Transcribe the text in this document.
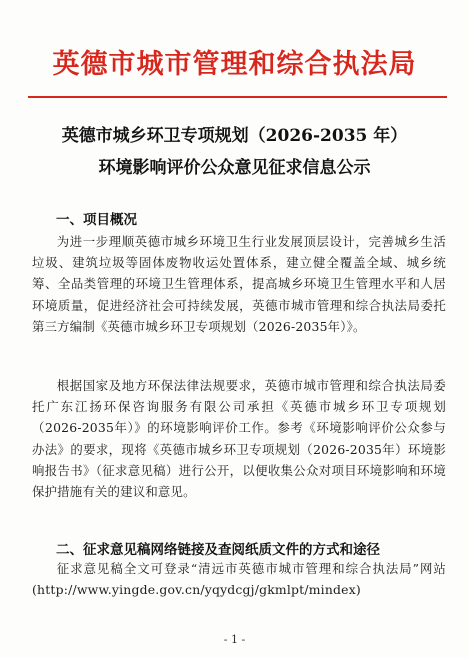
英德市城市管理和综合执法局
英德市城乡环卫专项规划（2026-2035 年）
环境影响评价公众意见征求信息公示
一、项目概况
为进一步理顺英德市城乡环境卫生行业发展顶层设计，完善城乡生活垃圾、建筑垃圾等固体废物收运处置体系，建立健全覆盖全域、城乡统筹、全品类管理的环境卫生管理体系，提高城乡环境卫生管理水平和人居环境质量，促进经济社会可持续发展，英德市城市管理和综合执法局委托第三方编制《英德市城乡环卫专项规划（2026-2035年）》。
根据国家及地方环保法律法规要求，英德市城市管理和综合执法局委托广东江扬环保咨询服务有限公司承担《英德市城乡环卫专项规划（2026-2035年）》的环境影响评价工作。参考《环境影响评价公众参与办法》的要求，现将《英德市城乡环卫专项规划（2026-2035年）环境影响报告书》（征求意见稿）进行公开，以便收集公众对项目环境影响和环境保护措施有关的建议和意见。
二、征求意见稿网络链接及查阅纸质文件的方式和途径
征求意见稿全文可登录“清远市英德市城市管理和综合执法局”网站(http://www.yingde.gov.cn/yqydcgj/gkmlpt/mindex)
- 1 -
